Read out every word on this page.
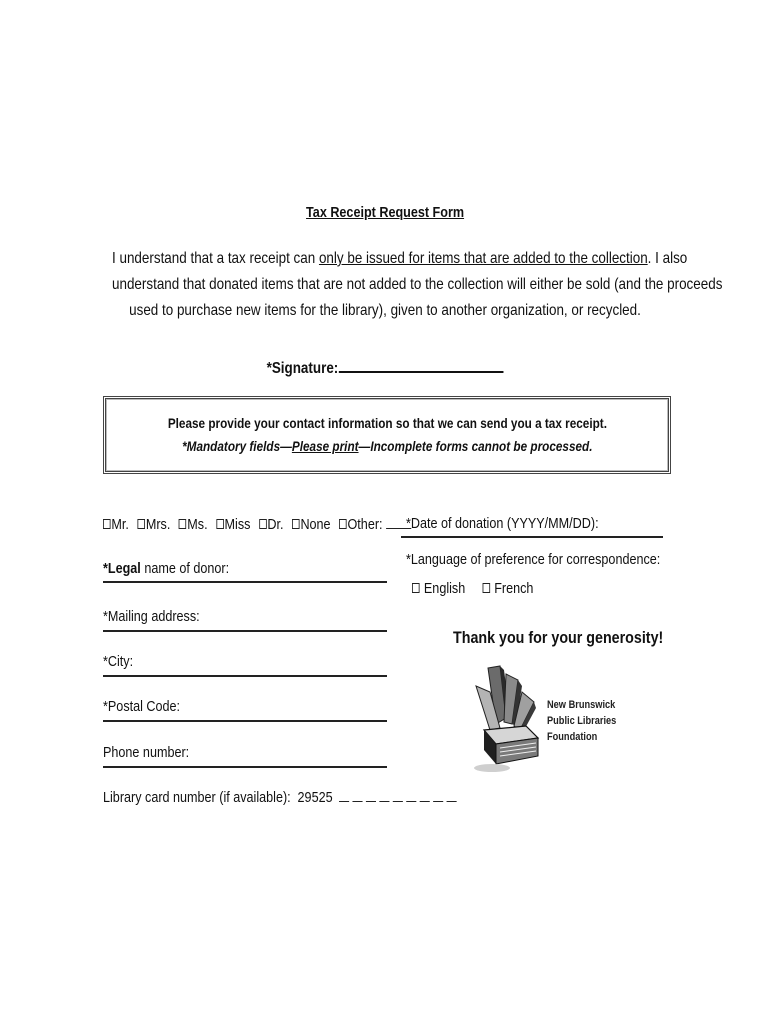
Tax Receipt Request Form

I understand that a tax receipt can only be issued for items that are added to the collection. I also

understand that donated items that are not added to the collection will either be sold (and the proceeds

used to purchase new items for the library), given to another organization, or recycled.

*Signature:
Please provide your contact information so that we can send you a tax receipt.
*Mandatory fields—Please print—Incomplete forms cannot be processed.
Mr. Mrs. Ms. Miss Dr. None Other:
*Legal name of donor:
*Mailing address:
*City:
*Postal Code:
Phone number:
Library card number (if available): 29525
*Date of donation (YYYY/MM/DD):
*Language of preference for correspondence:
English French
Thank you for your generosity!
New Brunswick
Public Libraries
Foundation
